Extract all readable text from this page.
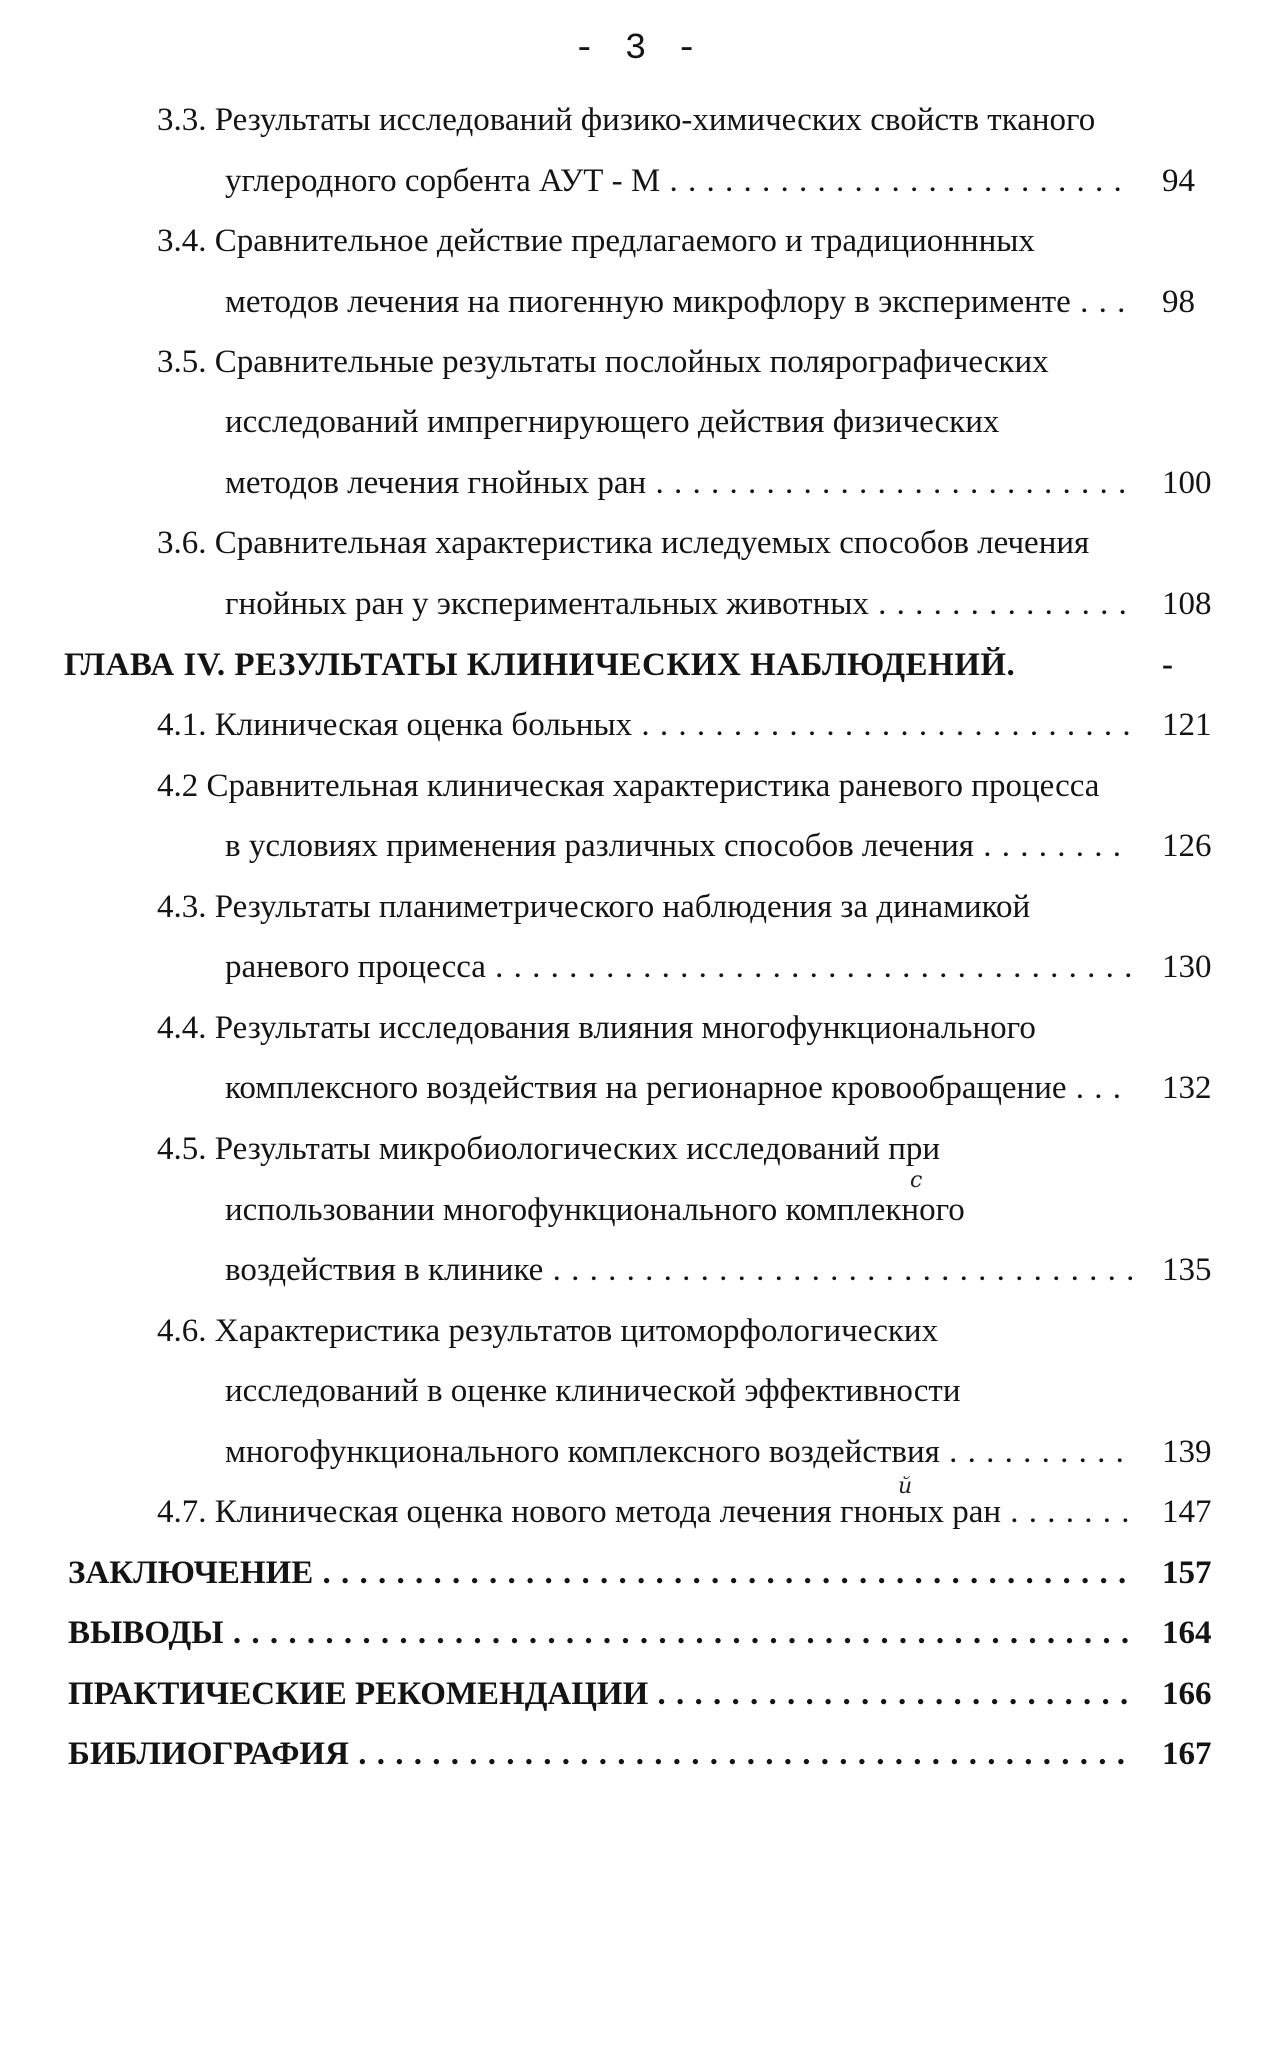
- 3 -
3.3. Результаты исследований физико-химических свойств тканого
углеродного сорбента АУТ - М . . .	94
3.4. Сравнительное действие предлагаемого и традиционнных
методов лечения на пиогенную микрофлору в эксперименте . . .	98
3.5. Сравнительные результаты послойных полярографических
исследований импрегнирующего действия физических
методов лечения гнойных ран . . .	100
3.6. Сравнительная характеристика иследуемых способов лечения
гнойных ран у экспериментальных животных . . .	108
ГЛАВА IV. РЕЗУЛЬТАТЫ КЛИНИЧЕСКИХ НАБЛЮДЕНИЙ.	-
4.1. Клиническая оценка больных . . .	121
4.2 Сравнительная клиническая характеристика раневого процесса
в условиях применения различных способов лечения . . .	126
4.3. Результаты планиметрического наблюдения за динамикой
раневого процесса . . .	130
4.4. Результаты исследования влияния многофункционального
комплексного воздействия на регионарное кровообращение . . .	132
4.5. Результаты микробиологических исследований при
использовании многофункционального комплекного
с
воздействия в клинике . . .	135
4.6. Характеристика результатов цитоморфологических
исследований в оценке клинической эффективности
многофункционального комплексного воздействия . . .	139
й
4.7. Клиническая оценка нового метода лечения гноных ран . . .	147
ЗАКЛЮЧЕНИЕ . . .	157
ВЫВОДЫ . . .	164
ПРАКТИЧЕСКИЕ РЕКОМЕНДАЦИИ . . .	166
БИБЛИОГРАФИЯ . . .	167
